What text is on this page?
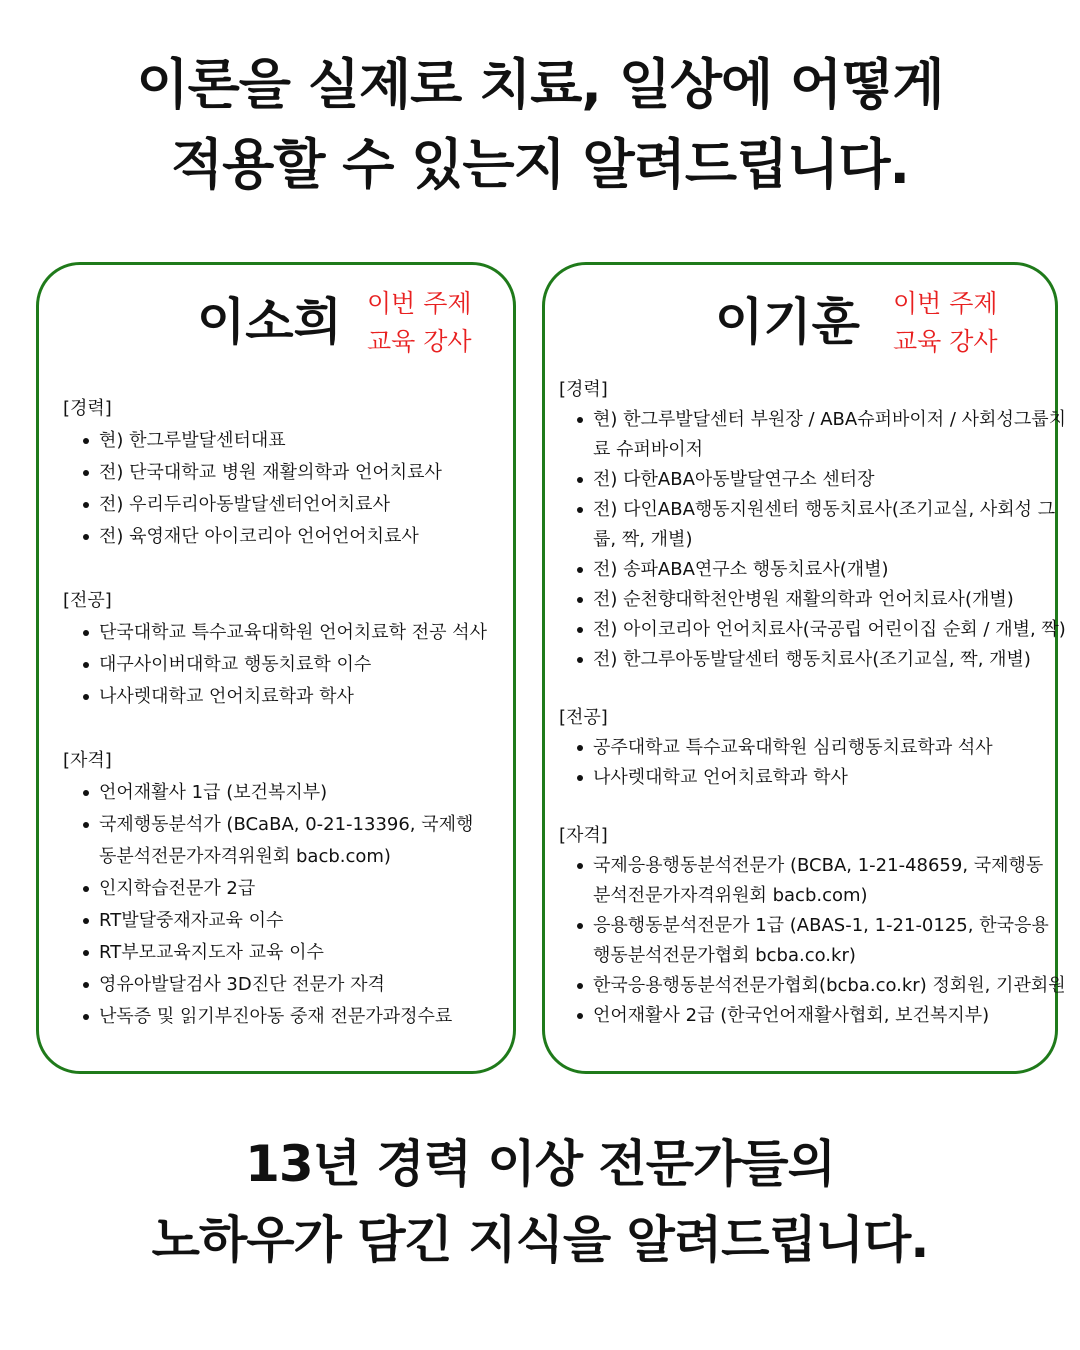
이론을 실제로 치료, 일상에 어떻게
적용할 수 있는지 알려드립니다.
이소희 이번 주제
교육 강사
[경력]
현) 한그루발달센터대표
전) 단국대학교 병원 재활의학과 언어치료사
전) 우리두리아동발달센터언어치료사
전) 육영재단 아이코리아 언어언어치료사
[전공]
단국대학교 특수교육대학원 언어치료학 전공 석사
대구사이버대학교 행동치료학 이수
나사렛대학교 언어치료학과 학사
[자격]
언어재활사 1급 (보건복지부)
국제행동분석가 (BCaBA, 0-21-13396, 국제행
동분석전문가자격위원회 bacb.com)
인지학습전문가 2급
RT발달중재자교육 이수
RT부모교육지도자 교육 이수
영유아발달검사 3D진단 전문가 자격
난독증 및 읽기부진아동 중재 전문가과정수료
이기훈 이번 주제
교육 강사
[경력]
현) 한그루발달센터 부원장 / ABA슈퍼바이저 / 사회성그룹치
료 슈퍼바이저
전) 다한ABA아동발달연구소 센터장
전) 다인ABA행동지원센터 행동치료사(조기교실, 사회성 그
룹, 짝, 개별)
전) 송파ABA연구소 행동치료사(개별)
전) 순천향대학천안병원 재활의학과 언어치료사(개별)
전) 아이코리아 언어치료사(국공립 어린이집 순회 / 개별, 짝)
전) 한그루아동발달센터 행동치료사(조기교실, 짝, 개별)
[전공]
공주대학교 특수교육대학원 심리행동치료학과 석사
나사렛대학교 언어치료학과 학사
[자격]
국제응용행동분석전문가 (BCBA, 1-21-48659, 국제행동
분석전문가자격위원회 bacb.com)
응용행동분석전문가 1급 (ABAS-1, 1-21-0125, 한국응용
행동분석전문가협회 bcba.co.kr)
한국응용행동분석전문가협회(bcba.co.kr) 정회원, 기관회원
언어재활사 2급 (한국언어재활사협회, 보건복지부)
13년 경력 이상 전문가들의
노하우가 담긴 지식을 알려드립니다.
